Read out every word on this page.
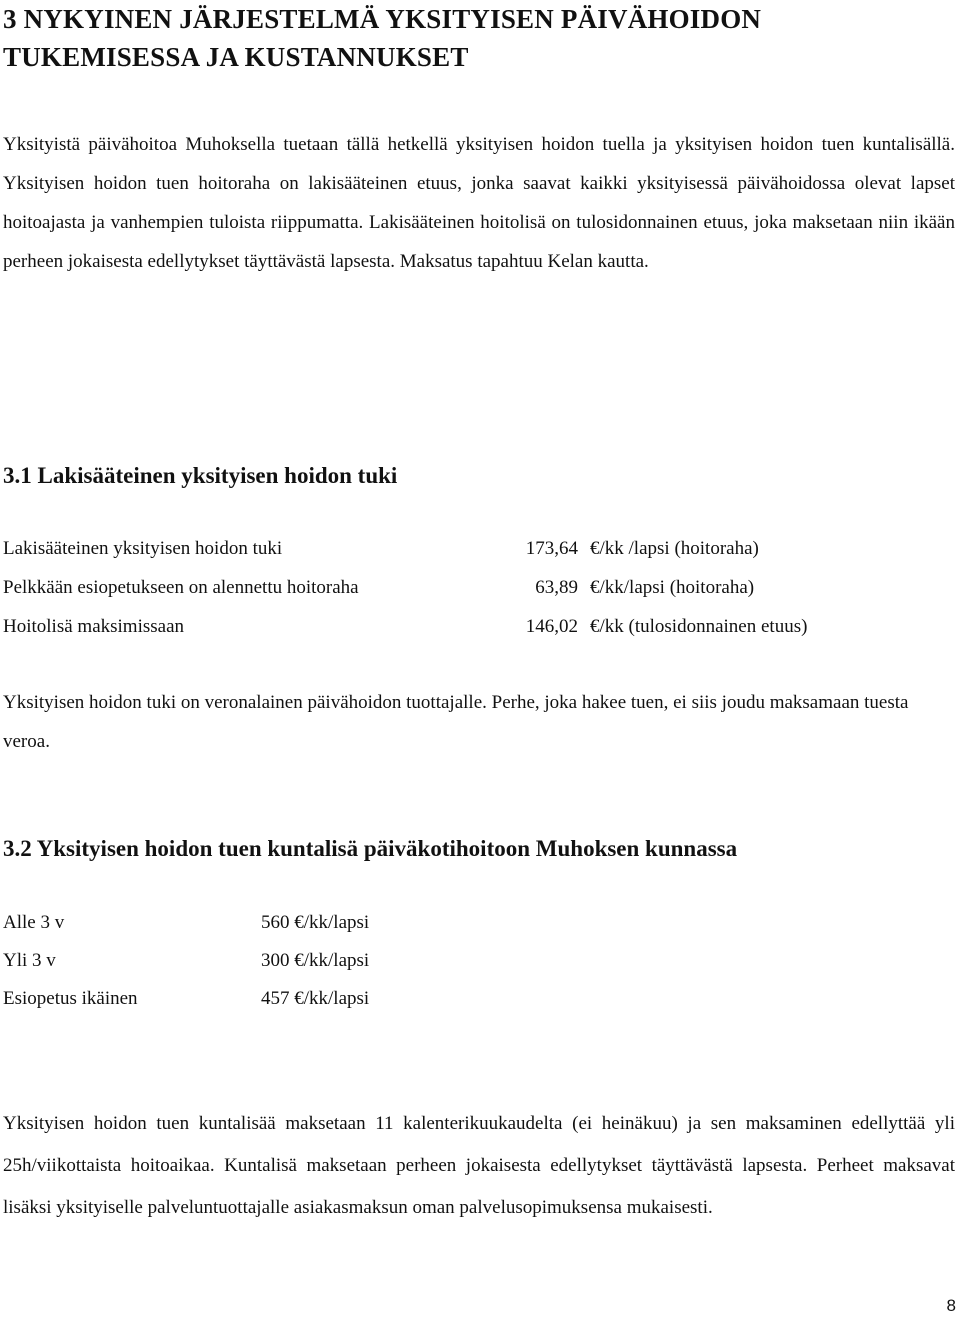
3 NYKYINEN JÄRJESTELMÄ YKSITYISEN PÄIVÄHOIDON TUKEMISESSA JA KUSTANNUKSET

Yksityistä päivähoitoa Muhoksella tuetaan tällä hetkellä yksityisen hoidon tuella ja yksityisen hoidon tuen kuntalisällä. Yksityisen hoidon tuen hoitoraha on lakisääteinen etuus, jonka saavat kaikki yksityisessä päivähoidossa olevat lapset hoitoajasta ja vanhempien tuloista riippumatta. Lakisääteinen hoitolisä on tulosidonnainen etuus, joka maksetaan niin ikään perheen jokaisesta edellytykset täyttävästä lapsesta. Maksatus tapahtuu Kelan kautta.

3.1 Lakisääteinen yksityisen hoidon tuki
Lakisääteinen yksityisen hoidon tuki	173,64 €/kk /lapsi (hoitoraha)
Pelkkään esiopetukseen on alennettu hoitoraha	63,89 €/kk/lapsi (hoitoraha)
Hoitolisä maksimissaan	146,02 €/kk (tulosidonnainen etuus)

Yksityisen hoidon tuki on veronalainen päivähoidon tuottajalle. Perhe, joka hakee tuen, ei siis joudu maksamaan tuesta veroa.

3.2 Yksityisen hoidon tuen kuntalisä päiväkotihoitoon Muhoksen kunnassa
Alle 3 v	560 €/kk/lapsi
Yli 3 v	300 €/kk/lapsi
Esiopetus ikäinen	457 €/kk/lapsi

Yksityisen hoidon tuen kuntalisää maksetaan 11 kalenterikuukaudelta (ei heinäkuu) ja sen maksaminen edellyttää yli 25h/viikottaista hoitoaikaa. Kuntalisä maksetaan perheen jokaisesta edellytykset täyttävästä lapsesta. Perheet maksavat lisäksi yksityiselle palveluntuottajalle asiakasmaksun oman palvelusopimuksensa mukaisesti.

8
